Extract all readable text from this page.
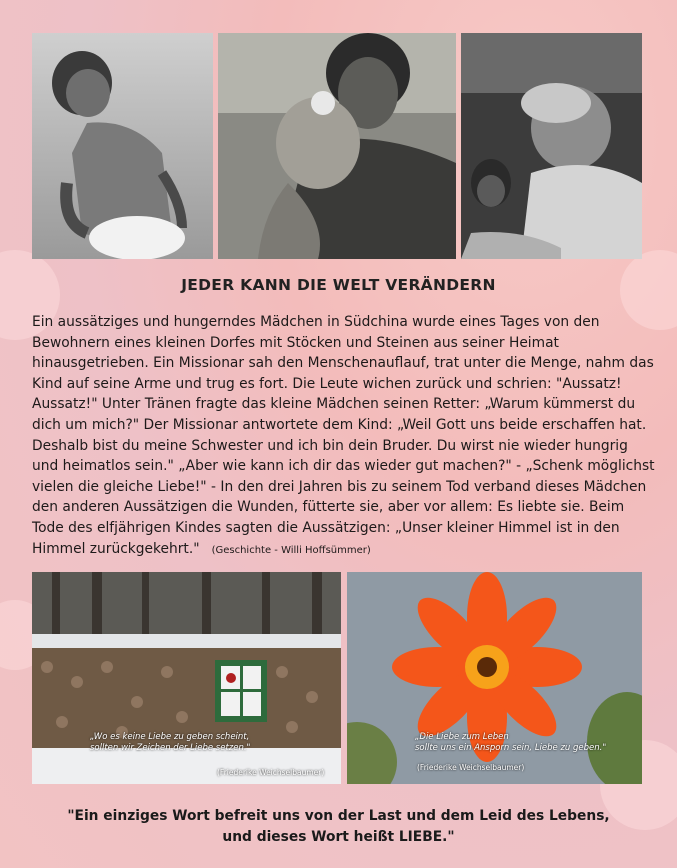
JEDER KANN DIE WELT VERÄNDERN
Ein aussätziges und hungerndes Mädchen in Südchina wurde eines Tages von den Bewohnern eines kleinen Dorfes mit Stöcken und Steinen aus seiner Heimat hinausgetrieben. Ein Missionar sah den Menschenauflauf, trat unter die Menge, nahm das Kind auf seine Arme und trug es fort. Die Leute wichen zurück und schrien: "Aussatz! Aussatz!" Unter Tränen fragte das kleine Mädchen seinen Retter: „Warum kümmerst du dich um mich?" Der Missionar antwortete dem Kind: „Weil Gott uns beide erschaffen hat. Deshalb bist du meine Schwester und ich bin dein Bruder. Du wirst nie wieder hungrig und heimatlos sein." „Aber wie kann ich dir das wieder gut machen?" - „Schenk möglichst vielen die gleiche Liebe!" - In den drei Jahren bis zu seinem Tod verband dieses Mädchen den anderen Aussätzigen die Wunden, fütterte sie, aber vor allem: Es liebte sie. Beim Tode des elfjährigen Kindes sagten die Aussätzigen: „Unser kleiner Himmel ist in den Himmel zurückgekehrt." (Geschichte - Willi Hoffsümmer)
„Wo es keine Liebe zu geben scheint,
sollten wir Zeichen der Liebe setzen."
(Friederike Weichselbaumer)
„Die Liebe zum Leben
sollte uns ein Ansporn sein, Liebe zu geben."
(Friederike Weichselbaumer)
"Ein einziges Wort befreit uns von der Last und dem Leid des Lebens,
und dieses Wort heißt LIEBE."
